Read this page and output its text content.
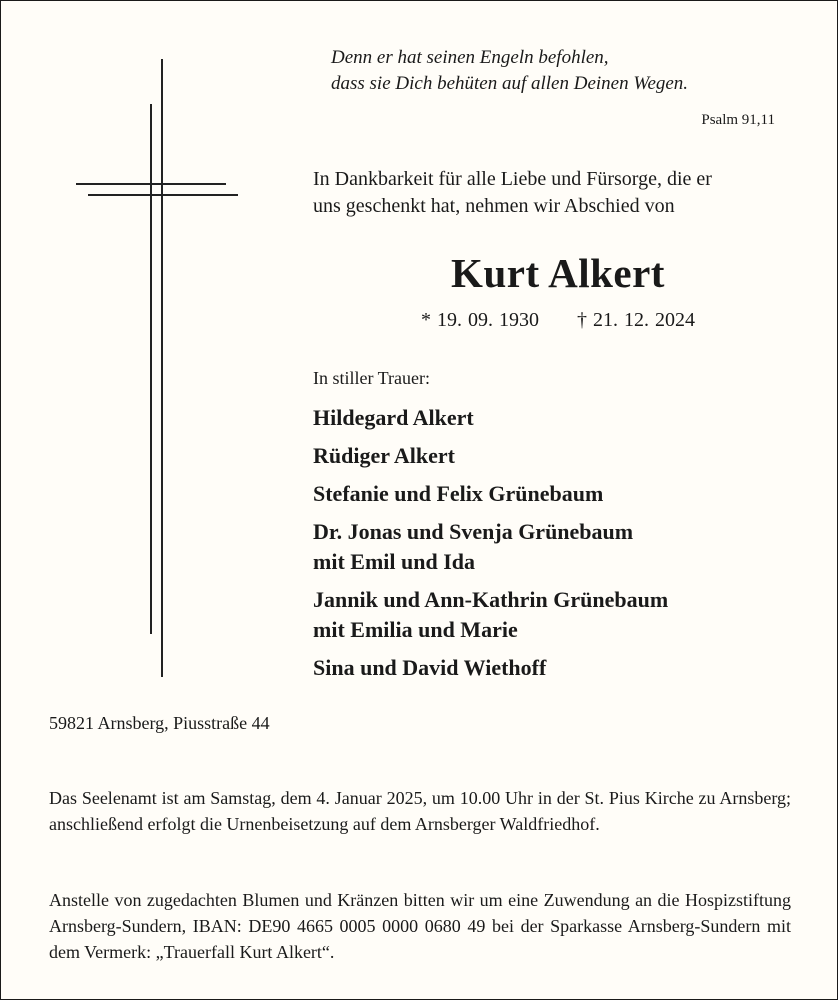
Denn er hat seinen Engeln befohlen,
dass sie Dich behüten auf allen Deinen Wegen.
Psalm 91,11
In Dankbarkeit für alle Liebe und Fürsorge, die er
uns geschenkt hat, nehmen wir Abschied von
Kurt Alkert
* 19. 09. 1930 † 21. 12. 2024
In stiller Trauer:
Hildegard Alkert
Rüdiger Alkert
Stefanie und Felix Grünebaum
Dr. Jonas und Svenja Grünebaum
mit Emil und Ida
Jannik und Ann-Kathrin Grünebaum
mit Emilia und Marie
Sina und David Wiethoff
59821 Arnsberg, Piusstraße 44
Das Seelenamt ist am Samstag, dem 4. Januar 2025, um 10.00 Uhr in der St. Pius Kirche zu Arnsberg; anschließend erfolgt die Urnenbeisetzung auf dem Arnsberger Waldfriedhof.
Anstelle von zugedachten Blumen und Kränzen bitten wir um eine Zuwendung an die Hospizstiftung Arnsberg-Sundern, IBAN: DE90 4665 0005 0000 0680 49 bei der Sparkasse Arnsberg-Sundern mit dem Vermerk: „Trauerfall Kurt Alkert“.
